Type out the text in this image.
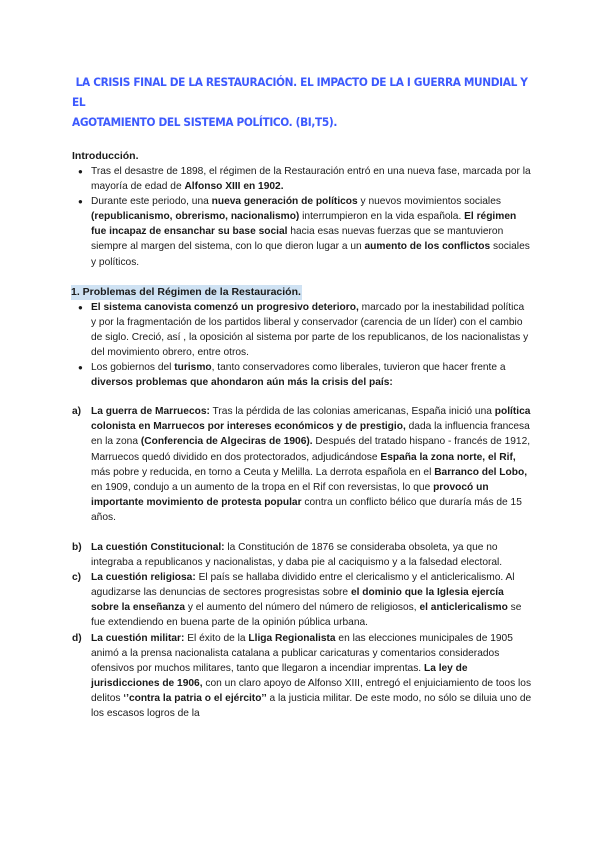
LA CRISIS FINAL DE LA RESTAURACIÓN. EL IMPACTO DE LA I GUERRA MUNDIAL Y EL
AGOTAMIENTO DEL SISTEMA POLÍTICO. (BI,T5).

Introducción.

● Tras el desastre de 1898, el régimen de la Restauración entró en una nueva fase, marcada por la mayoría de edad de Alfonso XIII en 1902.
● Durante este periodo, una nueva generación de políticos y nuevos movimientos sociales (republicanismo, obrerismo, nacionalismo) interrumpieron en la vida española. El régimen fue incapaz de ensanchar su base social hacia esas nuevas fuerzas que se mantuvieron siempre al margen del sistema, con lo que dieron lugar a un aumento de los conflictos sociales y políticos.
1. Problemas del Régimen de la Restauración.
● El sistema canovista comenzó un progresivo deterioro, marcado por la inestabilidad política y por la fragmentación de los partidos liberal y conservador (carencia de un líder) con el cambio de siglo. Creció, así , la oposición al sistema por parte de los republicanos, de los nacionalistas y del movimiento obrero, entre otros.
● Los gobiernos del turismo, tanto conservadores como liberales, tuvieron que hacer frente a diversos problemas que ahondaron aún más la crisis del país:
a) La guerra de Marruecos: Tras la pérdida de las colonias americanas, España inició una política colonista en Marruecos por intereses económicos y de prestigio, dada la influencia francesa en la zona (Conferencia de Algeciras de 1906). Después del tratado hispano - francés de 1912, Marruecos quedó dividido en dos protectorados, adjudicándose España la zona norte, el Rif, más pobre y reducida, en torno a Ceuta y Melilla. La derrota española en el Barranco del Lobo, en 1909, condujo a un aumento de la tropa en el Rif con reversistas, lo que provocó un importante movimiento de protesta popular contra un conflicto bélico que duraría más de 15 años.
b) La cuestión Constitucional: la Constitución de 1876 se consideraba obsoleta, ya que no integraba a republicanos y nacionalistas, y daba pie al caciquismo y a la falsedad electoral.
c) La cuestión religiosa: El país se hallaba dividido entre el clericalismo y el anticlericalismo. Al agudizarse las denuncias de sectores progresistas sobre el dominio que la Iglesia ejercía sobre la enseñanza y el aumento del número del número de religiosos, el anticlericalismo se fue extendiendo en buena parte de la opinión pública urbana.
d) La cuestión militar: El éxito de la Lliga Regionalista en las elecciones municipales de 1905 animó a la prensa nacionalista catalana a publicar caricaturas y comentarios considerados ofensivos por muchos militares, tanto que llegaron a incendiar imprentas. La ley de jurisdicciones de 1906, con un claro apoyo de Alfonso XIII, entregó el enjuiciamiento de toos los delitos ‘’contra la patria o el ejército’’ a la justicia militar. De este modo, no sólo se diluia uno de los escasos logros de la
